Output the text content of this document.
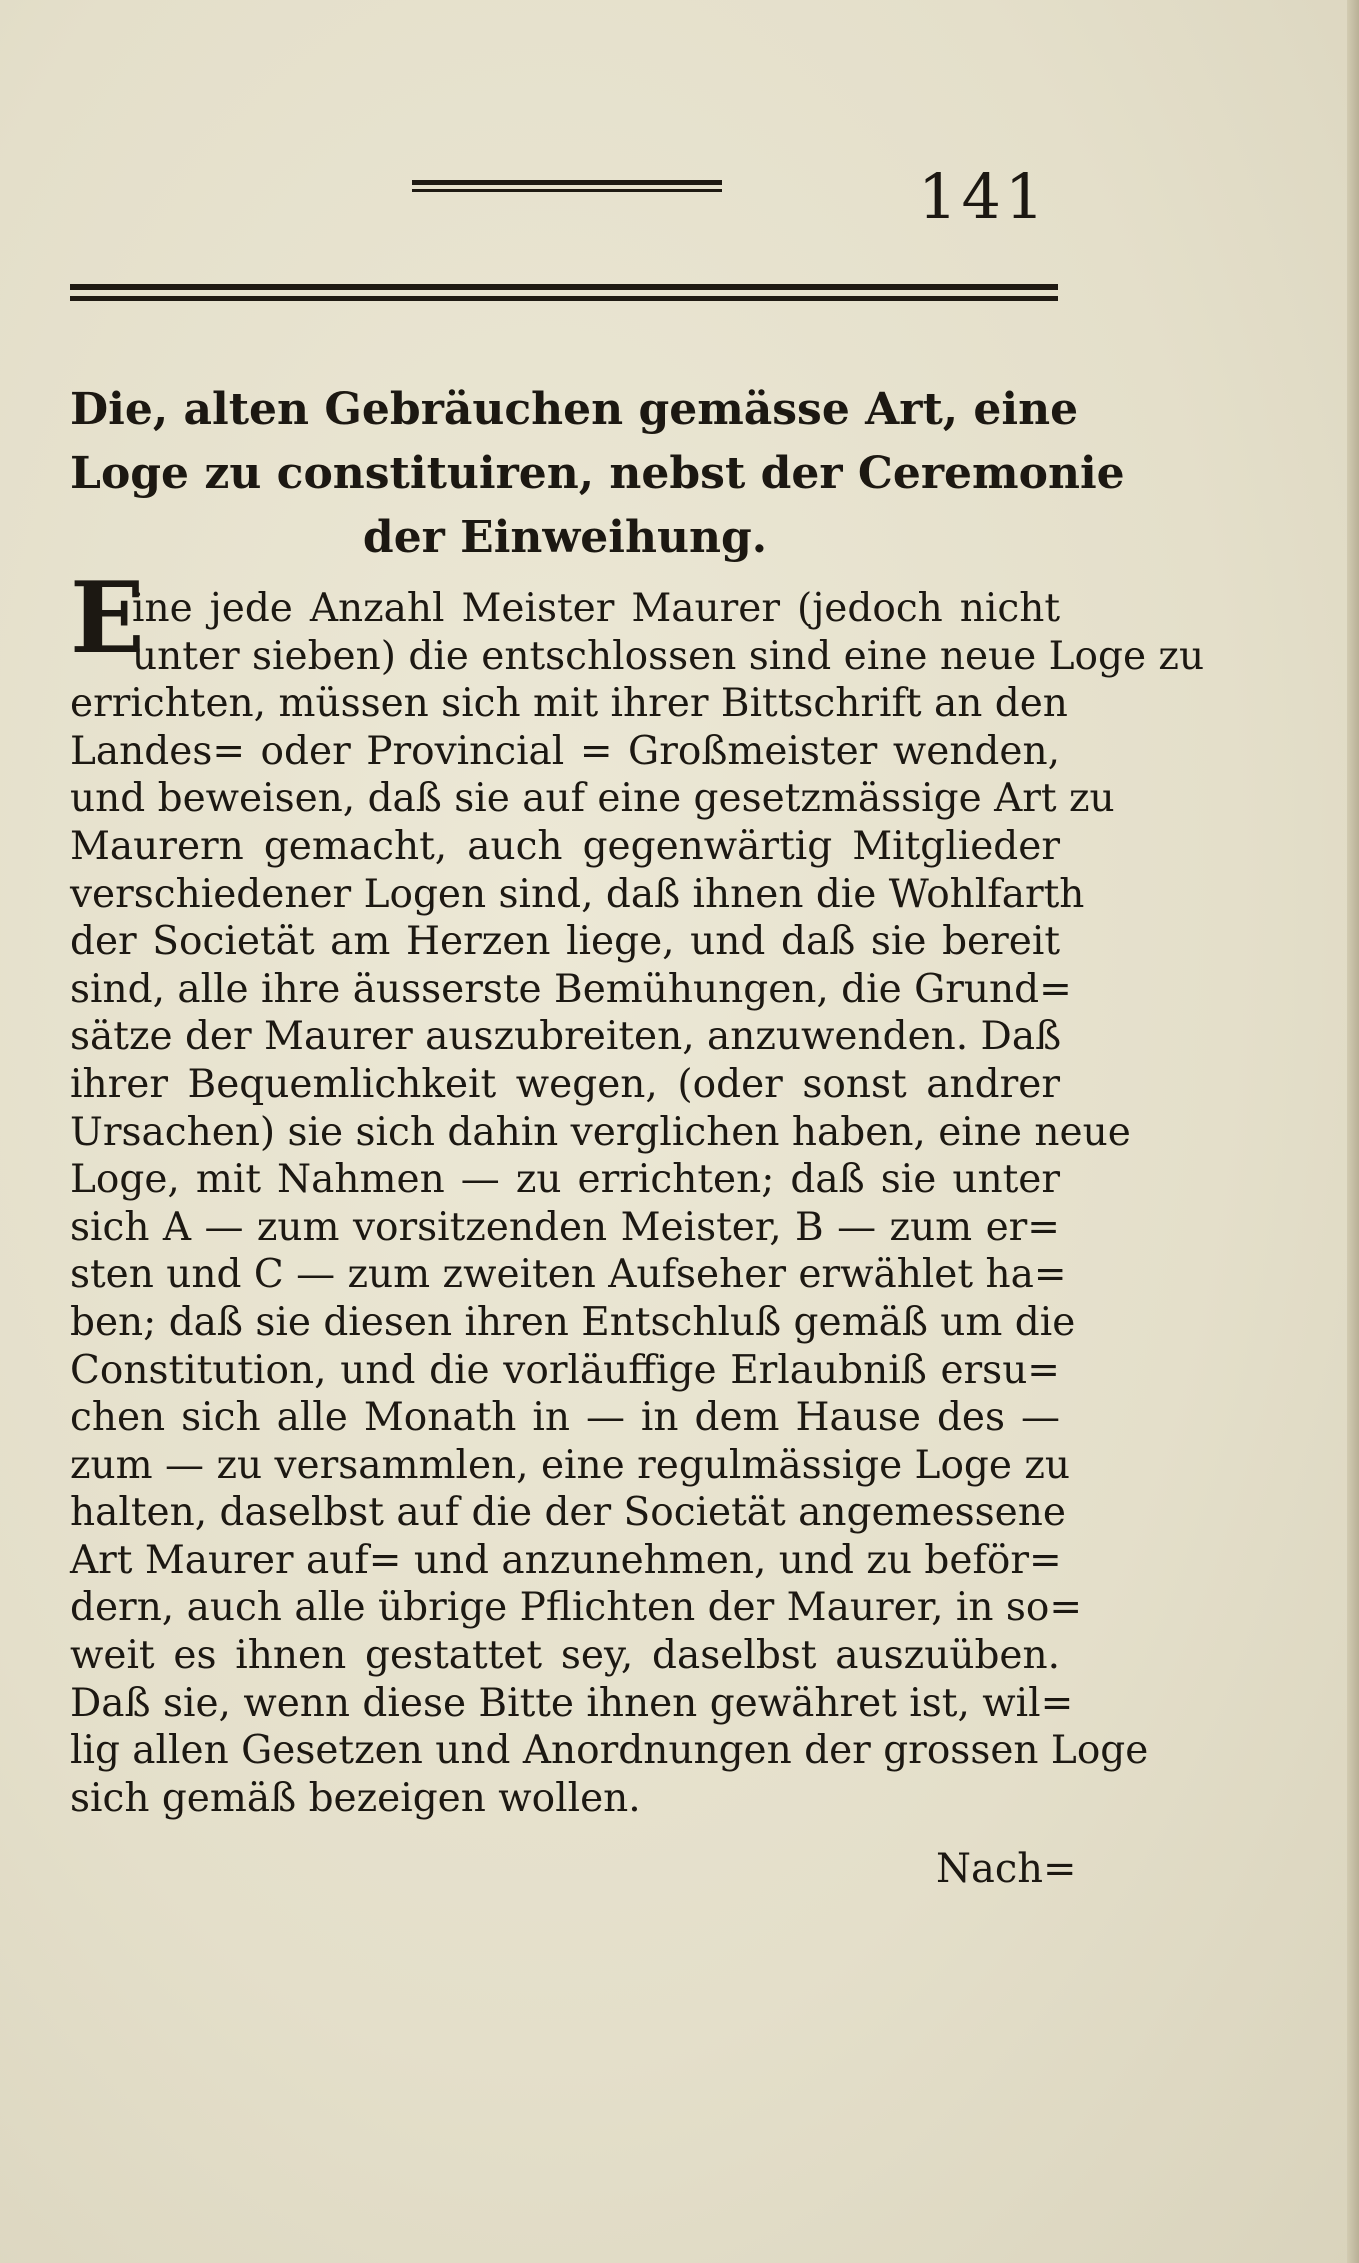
141
Die, alten Gebräuchen gemässe Art, eine
Loge zu constituiren, nebst der Ceremonie
der Einweihung.
E
ine jede Anzahl Meister Maurer (jedoch nicht
unter sieben) die entschlossen sind eine neue Loge zu
errichten, müssen sich mit ihrer Bittschrift an den
Landes= oder Provincial = Großmeister wenden,
und beweisen, daß sie auf eine gesetzmässige Art zu
Maurern gemacht, auch gegenwärtig Mitglieder
verschiedener Logen sind, daß ihnen die Wohlfarth
der Societät am Herzen liege, und daß sie bereit
sind, alle ihre äusserste Bemühungen, die Grund=
sätze der Maurer auszubreiten, anzuwenden. Daß
ihrer Bequemlichkeit wegen, (oder sonst andrer
Ursachen) sie sich dahin verglichen haben, eine neue
Loge, mit Nahmen — zu errichten; daß sie unter
sich A — zum vorsitzenden Meister, B — zum er=
sten und C — zum zweiten Aufseher erwählet ha=
ben; daß sie diesen ihren Entschluß gemäß um die
Constitution, und die vorläuffige Erlaubniß ersu=
chen sich alle Monath in — in dem Hause des —
zum — zu versammlen, eine regulmässige Loge zu
halten, daselbst auf die der Societät angemessene
Art Maurer auf= und anzunehmen, und zu beför=
dern, auch alle übrige Pflichten der Maurer, in so=
weit es ihnen gestattet sey, daselbst auszuüben.
Daß sie, wenn diese Bitte ihnen gewähret ist, wil=
lig allen Gesetzen und Anordnungen der grossen Loge
sich gemäß bezeigen wollen.
Nach=
